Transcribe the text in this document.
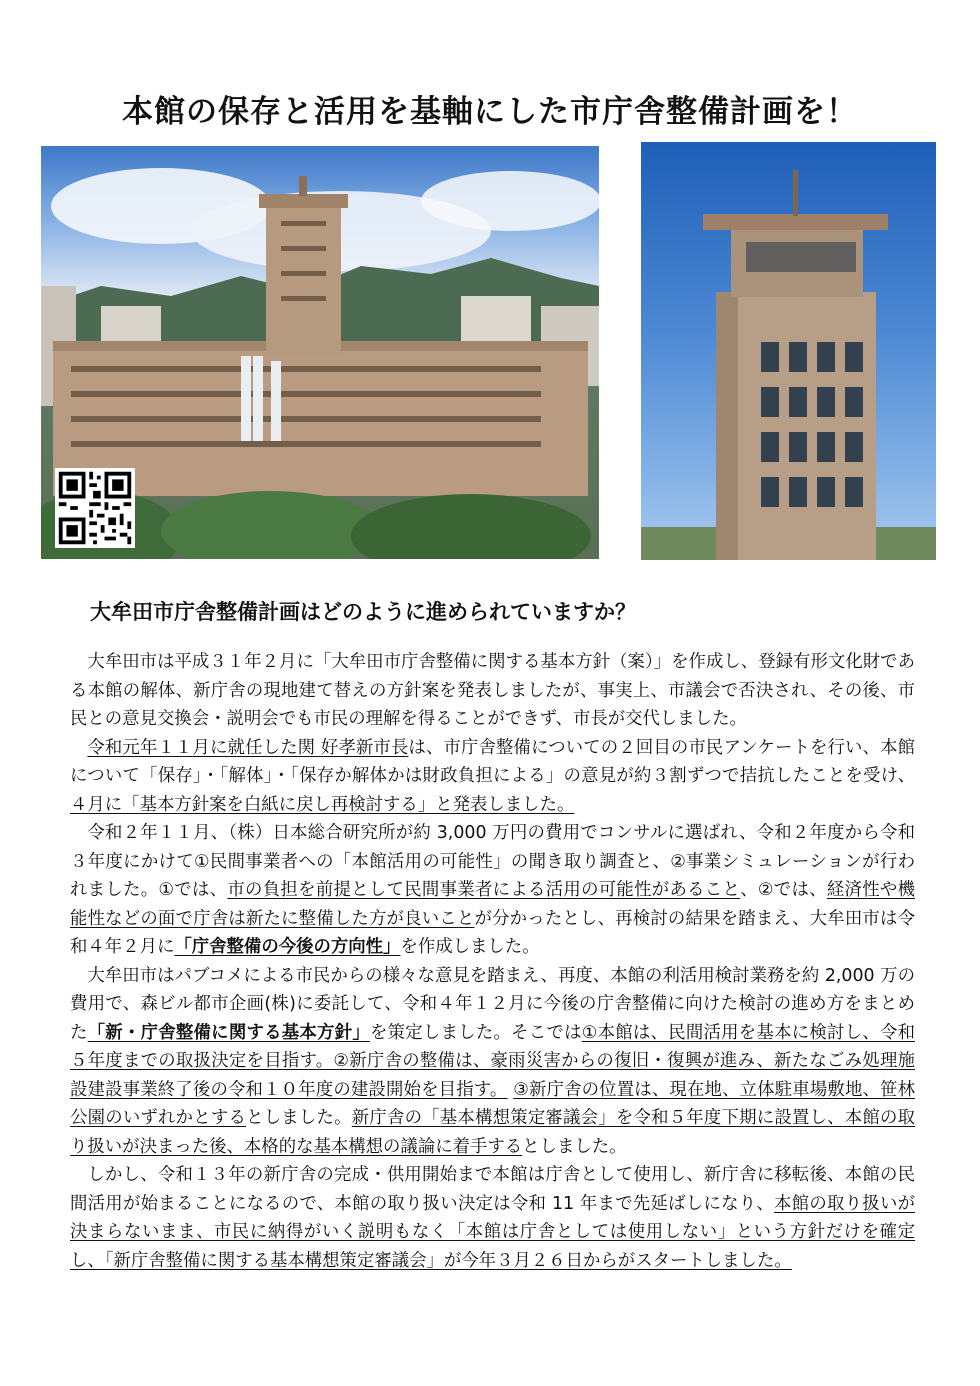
本館の保存と活用を基軸にした市庁舎整備計画を！
大牟田市庁舎整備計画はどのように進められていますか？

大牟田市は平成３１年２月に「大牟田市庁舎整備に関する基本方針（案）」を作成し、登録有形文化財である本館の解体、新庁舎の現地建て替えの方針案を発表しましたが、事実上、市議会で否決され、その後、市民との意見交換会・説明会でも市民の理解を得ることができず、市長が交代しました。

令和元年１１月に就任した関 好孝新市長は、市庁舎整備についての２回目の市民アンケートを行い、本館について「保存」・「解体」・「保存か解体かは財政負担による」の意見が約３割ずつで拮抗したことを受け、４月に「基本方針案を白紙に戻し再検討する」と発表しました。

令和２年１１月、（株）日本総合研究所が約 3,000 万円の費用でコンサルに選ばれ、令和２年度から令和３年度にかけて①民間事業者への「本館活用の可能性」の聞き取り調査と、②事業シミュレーションが行われました。①では、市の負担を前提として民間事業者による活用の可能性があること、②では、経済性や機能性などの面で庁舎は新たに整備した方が良いことが分かったとし、再検討の結果を踏まえ、大牟田市は令和４年２月に「庁舎整備の今後の方向性」を作成しました。

大牟田市はパブコメによる市民からの様々な意見を踏まえ、再度、本館の利活用検討業務を約 2,000 万の費用で、森ビル都市企画(株)に委託して、令和４年１２月に今後の庁舎整備に向けた検討の進め方をまとめた「新・庁舎整備に関する基本方針」を策定しました。そこでは①本館は、民間活用を基本に検討し、令和５年度までの取扱決定を目指す。②新庁舎の整備は、豪雨災害からの復旧・復興が進み、新たなごみ処理施設建設事業終了後の令和１０年度の建設開始を目指す。 ③新庁舎の位置は、現在地、立体駐車場敷地、笹林公園のいずれかとするとしました。新庁舎の「基本構想策定審議会」を令和５年度下期に設置し、本館の取り扱いが決まった後、本格的な基本構想の議論に着手するとしました。

しかし、令和１３年の新庁舎の完成・供用開始まで本館は庁舎として使用し、新庁舎に移転後、本館の民間活用が始まることになるので、本館の取り扱い決定は令和 11 年まで先延ばしになり、本館の取り扱いが決まらないまま、市民に納得がいく説明もなく「本館は庁舎としては使用しない」という方針だけを確定し、「新庁舎整備に関する基本構想策定審議会」が今年３月２６日からがスタートしました。
